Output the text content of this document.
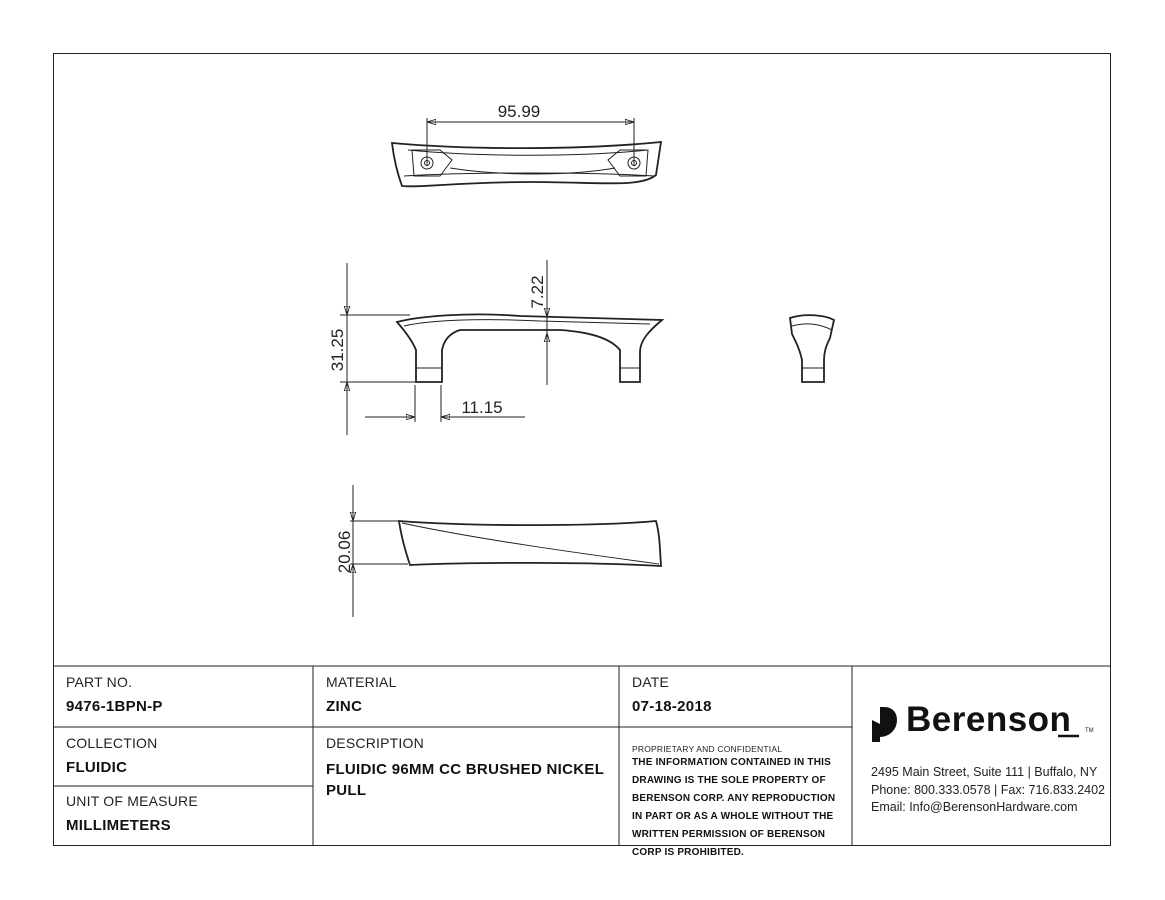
95.99
31.25
7.22
11.15
20.06
PART NO.
9476-1BPN-P
MATERIAL
ZINC
DATE
07-18-2018
COLLECTION
FLUIDIC
UNIT OF MEASURE
MILLIMETERS
DESCRIPTION
FLUIDIC 96MM CC BRUSHED NICKEL PULL
PROPRIETARY AND CONFIDENTIAL
THE INFORMATION CONTAINED IN THIS DRAWING IS THE SOLE PROPERTY OF BERENSON CORP. ANY REPRODUCTION IN PART OR AS A WHOLE WITHOUT THE WRITTEN PERMISSION OF BERENSON CORP IS PROHIBITED.
Berenson TM
2495 Main Street, Suite 111 | Buffalo, NY
Phone: 800.333.0578 | Fax: 716.833.2402
Email: Info@BerensonHardware.com
